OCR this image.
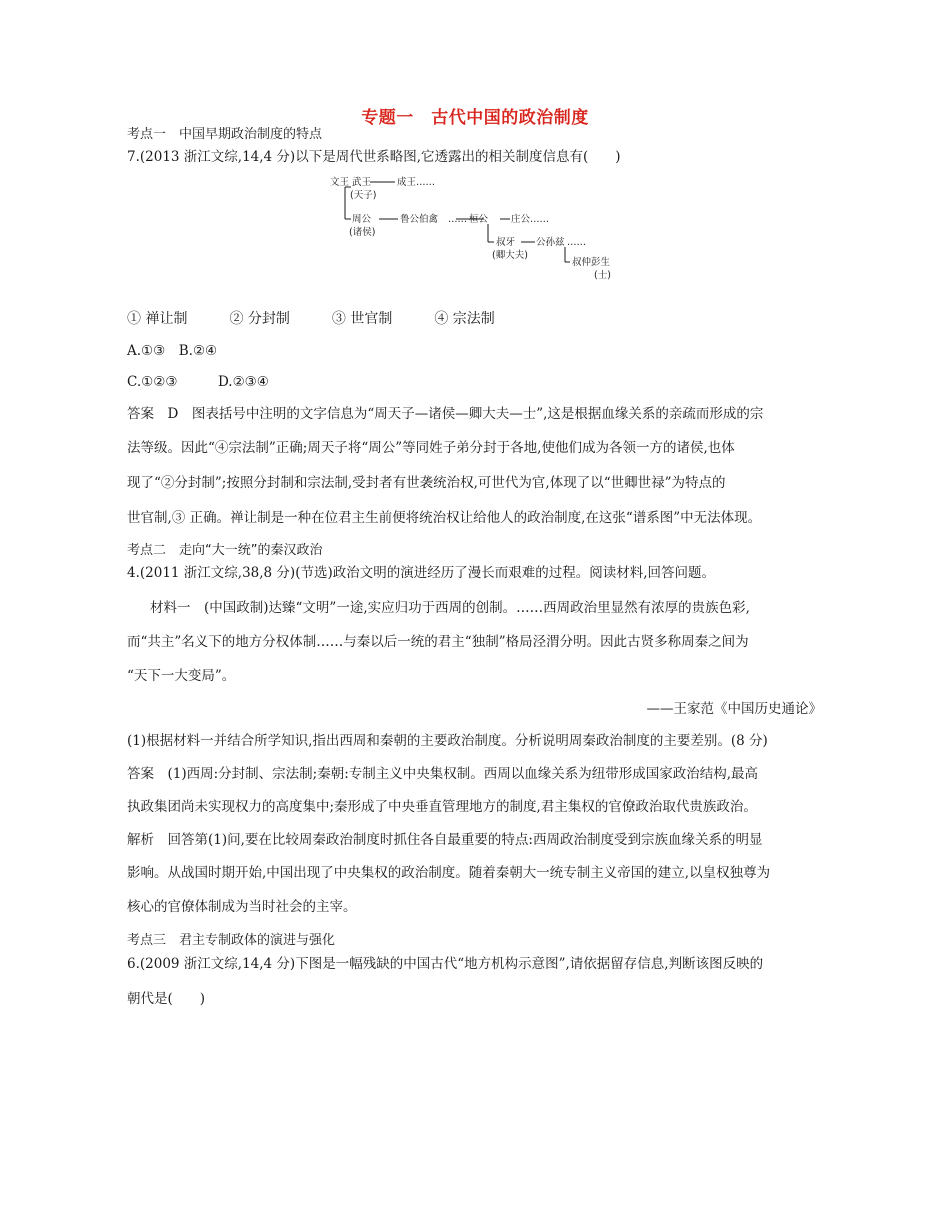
专题一　古代中国的政治制度
考点一　中国早期政治制度的特点
7.(2013 浙江文综,14,4 分)以下是周代世系略图,它透露出的相关制度信息有(　　)
文王 武王
(天子)
成王……
周公
(诸侯)
鲁公伯禽 …… 桓公 庄公……
叔牙
(卿大夫)
公孙兹 ……
叔仲彭生
(士)
① 禅让制　　　② 分封制　　　③ 世官制　　　④ 宗法制
A.①③　B.②④
C.①②③　　　D.②③④
答案　D　图表括号中注明的文字信息为“周天子—诸侯—卿大夫—士”,这是根据血缘关系的亲疏而形成的宗
法等级。因此“④宗法制”正确;周天子将“周公”等同姓子弟分封于各地,使他们成为各领一方的诸侯,也体
现了“②分封制”;按照分封制和宗法制,受封者有世袭统治权,可世代为官,体现了以“世卿世禄”为特点的
世官制,③ 正确。禅让制是一种在位君主生前便将统治权让给他人的政治制度,在这张“谱系图”中无法体现。
考点二　走向“大一统”的秦汉政治
4.(2011 浙江文综,38,8 分)(节选)政治文明的演进经历了漫长而艰难的过程。阅读材料,回答问题。
材料一　(中国政制)达臻“文明”一途,实应归功于西周的创制。……西周政治里显然有浓厚的贵族色彩,
而“共主”名义下的地方分权体制……与秦以后一统的君主“独制”格局泾渭分明。因此古贤多称周秦之间为
“天下一大变局”。
——王家范《中国历史通论》
(1)根据材料一并结合所学知识,指出西周和秦朝的主要政治制度。分析说明周秦政治制度的主要差别。(8 分)
答案　(1)西周:分封制、宗法制;秦朝:专制主义中央集权制。西周以血缘关系为纽带形成国家政治结构,最高
执政集团尚未实现权力的高度集中;秦形成了中央垂直管理地方的制度,君主集权的官僚政治取代贵族政治。
解析　回答第(1)问,要在比较周秦政治制度时抓住各自最重要的特点:西周政治制度受到宗族血缘关系的明显
影响。从战国时期开始,中国出现了中央集权的政治制度。随着秦朝大一统专制主义帝国的建立,以皇权独尊为
核心的官僚体制成为当时社会的主宰。
考点三　君主专制政体的演进与强化
6.(2009 浙江文综,14,4 分)下图是一幅残缺的中国古代“地方机构示意图”,请依据留存信息,判断该图反映的
朝代是(　　)
